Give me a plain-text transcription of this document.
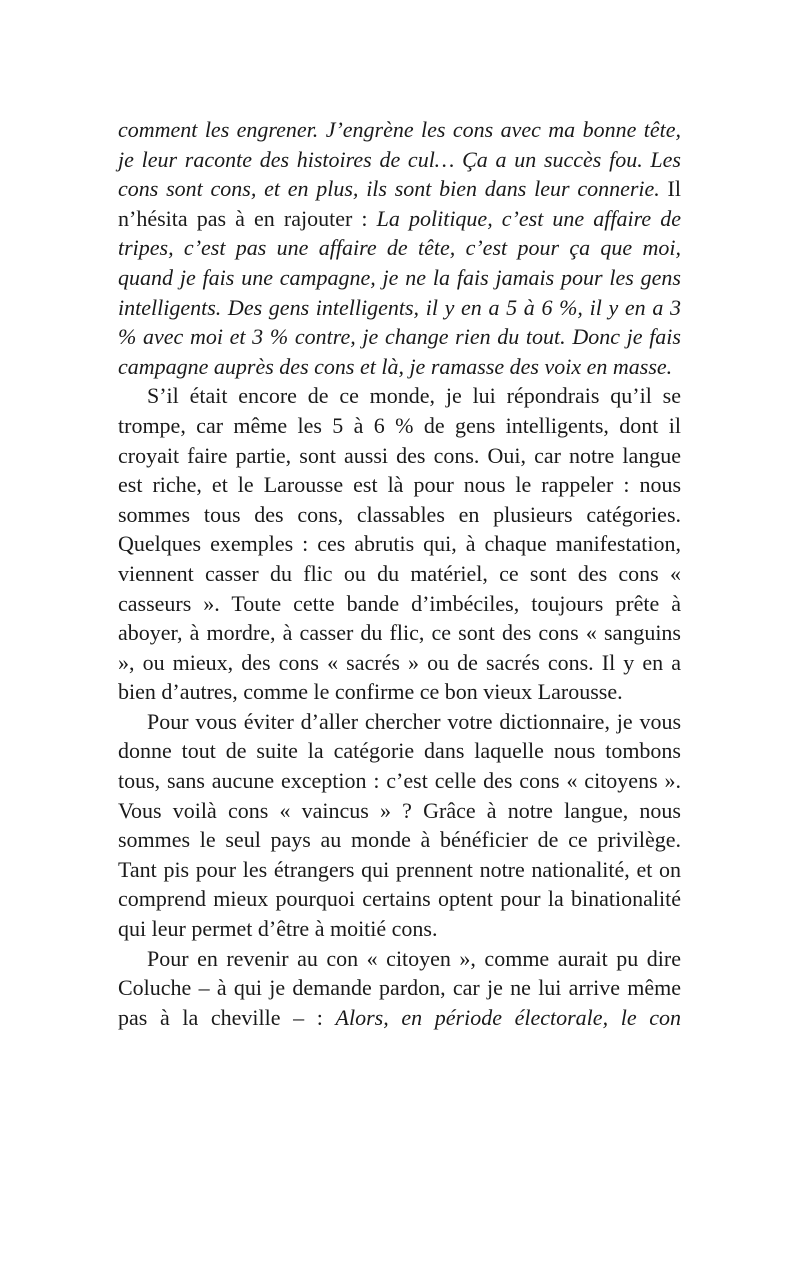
comment les engrener. J’engrène les cons avec ma bonne tête, je leur raconte des histoires de cul… Ça a un succès fou. Les cons sont cons, et en plus, ils sont bien dans leur connerie. Il n’hésita pas à en rajouter : La politique, c’est une affaire de tripes, c’est pas une affaire de tête, c’est pour ça que moi, quand je fais une campagne, je ne la fais jamais pour les gens intelligents. Des gens intelligents, il y en a 5 à 6 %, il y en a 3 % avec moi et 3 % contre, je change rien du tout. Donc je fais campagne auprès des cons et là, je ramasse des voix en masse.

S’il était encore de ce monde, je lui répondrais qu’il se trompe, car même les 5 à 6 % de gens intelligents, dont il croyait faire partie, sont aussi des cons. Oui, car notre langue est riche, et le Larousse est là pour nous le rappeler : nous sommes tous des cons, classables en plusieurs catégories. Quelques exemples : ces abrutis qui, à chaque manifestation, viennent casser du flic ou du matériel, ce sont des cons « casseurs ». Toute cette bande d’imbéciles, toujours prête à aboyer, à mordre, à casser du flic, ce sont des cons « sanguins », ou mieux, des cons « sacrés » ou de sacrés cons. Il y en a bien d’autres, comme le confirme ce bon vieux Larousse.

Pour vous éviter d’aller chercher votre dictionnaire, je vous donne tout de suite la catégorie dans laquelle nous tombons tous, sans aucune exception : c’est celle des cons « citoyens ». Vous voilà cons « vaincus » ? Grâce à notre langue, nous sommes le seul pays au monde à bénéficier de ce privilège. Tant pis pour les étrangers qui prennent notre nationalité, et on comprend mieux pourquoi certains optent pour la binationalité qui leur permet d’être à moitié cons.

Pour en revenir au con « citoyen », comme aurait pu dire Coluche – à qui je demande pardon, car je ne lui arrive même pas à la cheville – : Alors, en période électorale, le con
